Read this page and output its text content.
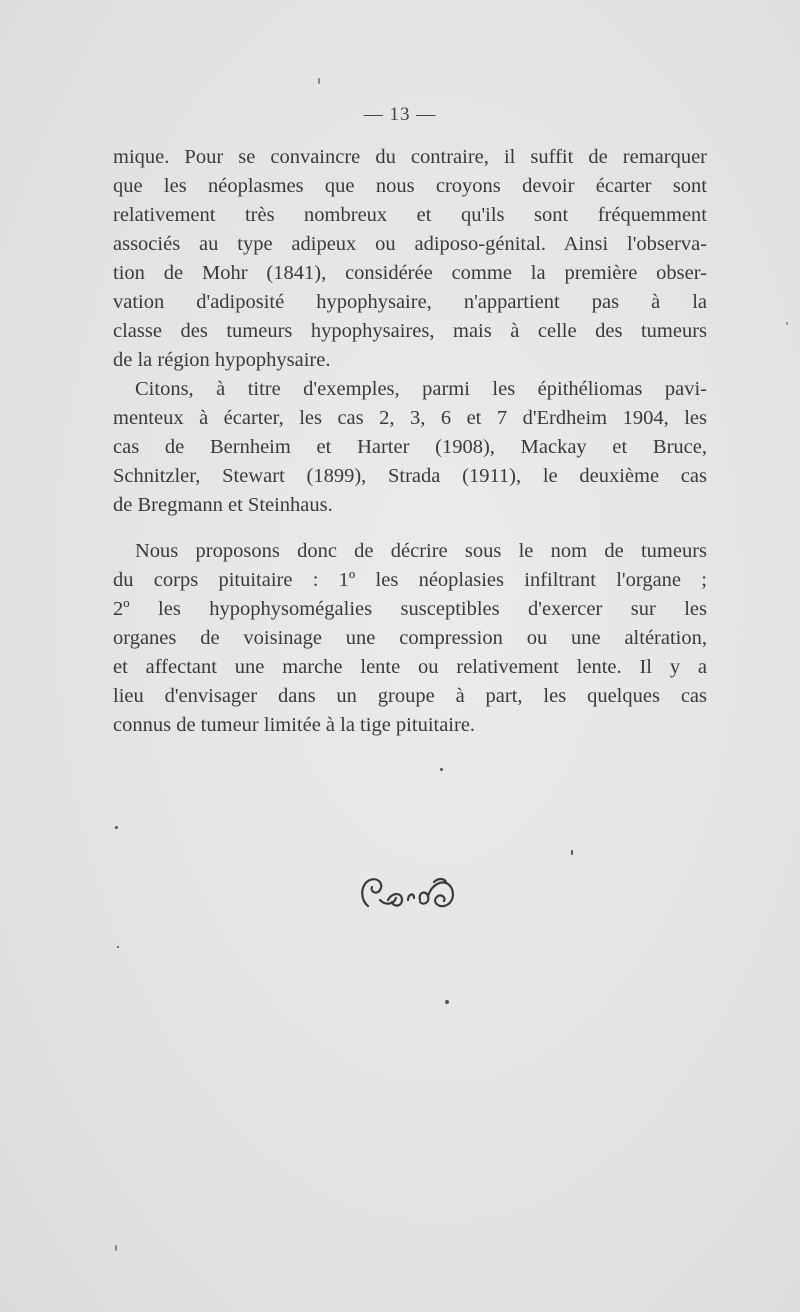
— 13 —
mique. Pour se convaincre du contraire, il suffit de remarquer
que les néoplasmes que nous croyons devoir écarter sont
relativement très nombreux et qu'ils sont fréquemment
associés au type adipeux ou adiposo-génital. Ainsi l'observa-
tion de Mohr (1841), considérée comme la première obser-
vation d'adiposité hypophysaire, n'appartient pas à la
classe des tumeurs hypophysaires, mais à celle des tumeurs
de la région hypophysaire.
Citons, à titre d'exemples, parmi les épithéliomas pavi-
menteux à écarter, les cas 2, 3, 6 et 7 d'Erdheim 1904, les
cas de Bernheim et Harter (1908), Mackay et Bruce,
Schnitzler, Stewart (1899), Strada (1911), le deuxième cas
de Bregmann et Steinhaus.
Nous proposons donc de décrire sous le nom de tumeurs
du corps pituitaire : 1º les néoplasies infiltrant l'organe ;
2º les hypophysomégalies susceptibles d'exercer sur les
organes de voisinage une compression ou une altération,
et affectant une marche lente ou relativement lente. Il y a
lieu d'envisager dans un groupe à part, les quelques cas
connus de tumeur limitée à la tige pituitaire.
